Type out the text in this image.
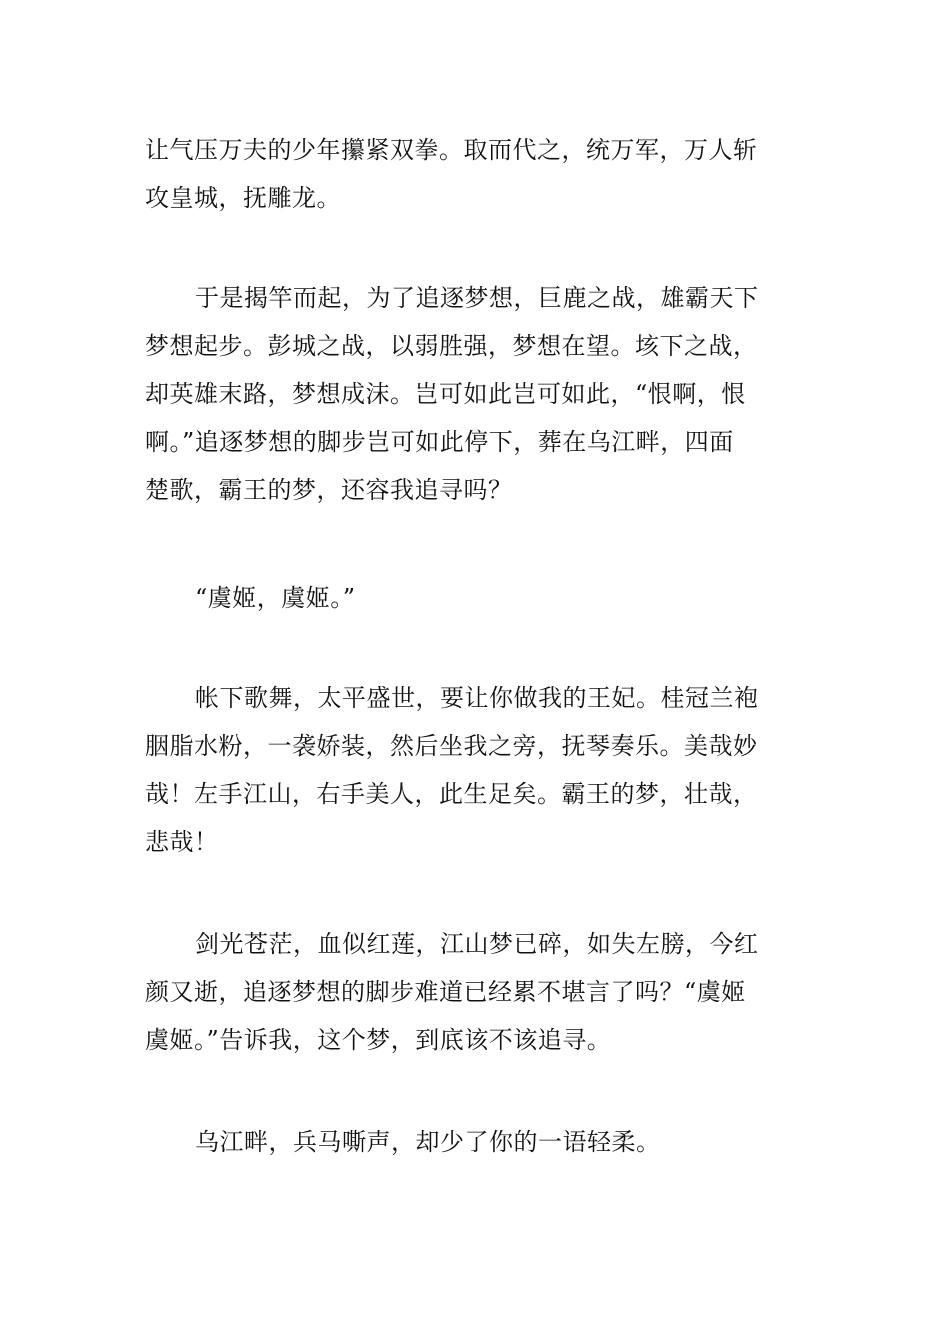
让气压万夫的少年攥紧双拳。取而代之，统万军，万人斩
攻皇城，抚雕龙。
于是揭竿而起，为了追逐梦想，巨鹿之战，雄霸天下
梦想起步。彭城之战，以弱胜强，梦想在望。垓下之战，
却英雄末路，梦想成沫。岂可如此岂可如此，“恨啊，恨
啊。”追逐梦想的脚步岂可如此停下，葬在乌江畔，四面
楚歌，霸王的梦，还容我追寻吗？
“虞姬，虞姬。”
帐下歌舞，太平盛世，要让你做我的王妃。桂冠兰袍
胭脂水粉，一袭娇装，然后坐我之旁，抚琴奏乐。美哉妙
哉！左手江山，右手美人，此生足矣。霸王的梦，壮哉，
悲哉！
剑光苍茫，血似红莲，江山梦已碎，如失左膀，今红
颜又逝，追逐梦想的脚步难道已经累不堪言了吗？“虞姬
虞姬。”告诉我，这个梦，到底该不该追寻。
乌江畔，兵马嘶声，却少了你的一语轻柔。
